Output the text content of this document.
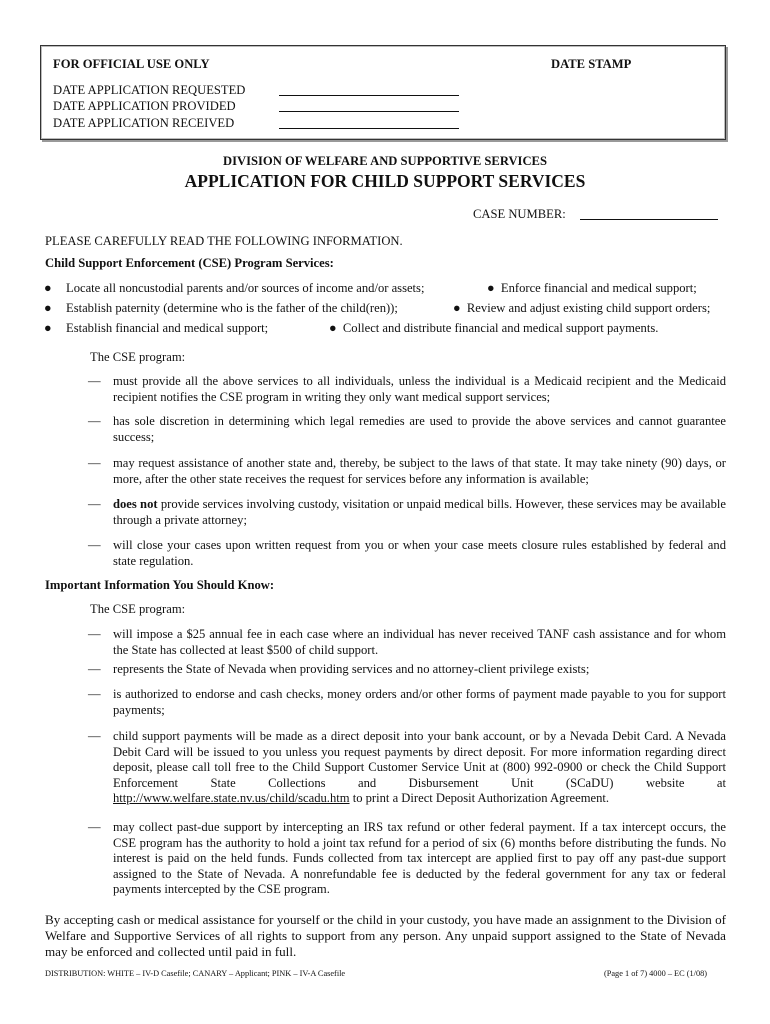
FOR OFFICIAL USE ONLY	DATE STAMP
DATE APPLICATION REQUESTED
DATE APPLICATION PROVIDED
DATE APPLICATION RECEIVED
DIVISION OF WELFARE AND SUPPORTIVE SERVICES
APPLICATION FOR CHILD SUPPORT SERVICES
CASE NUMBER:
PLEASE CAREFULLY READ THE FOLLOWING INFORMATION.
Child Support Enforcement (CSE) Program Services:
● Locate all noncustodial parents and/or sources of income and/or assets;	● Enforce financial and medical support;
● Establish paternity (determine who is the father of the child(ren));	● Review and adjust existing child support orders;
● Establish financial and medical support;	● Collect and distribute financial and medical support payments.
The CSE program:
— must provide all the above services to all individuals, unless the individual is a Medicaid recipient and the Medicaid recipient notifies the CSE program in writing they only want medical support services;
— has sole discretion in determining which legal remedies are used to provide the above services and cannot guarantee success;
— may request assistance of another state and, thereby, be subject to the laws of that state. It may take ninety (90) days, or more, after the other state receives the request for services before any information is available;
— does not provide services involving custody, visitation or unpaid medical bills. However, these services may be available through a private attorney;
— will close your cases upon written request from you or when your case meets closure rules established by federal and state regulation.
Important Information You Should Know:
The CSE program:
— will impose a $25 annual fee in each case where an individual has never received TANF cash assistance and for whom the State has collected at least $500 of child support.
— represents the State of Nevada when providing services and no attorney-client privilege exists;
— is authorized to endorse and cash checks, money orders and/or other forms of payment made payable to you for support payments;
— child support payments will be made as a direct deposit into your bank account, or by a Nevada Debit Card. A Nevada Debit Card will be issued to you unless you request payments by direct deposit. For more information regarding direct deposit, please call toll free to the Child Support Customer Service Unit at (800) 992-0900 or check the Child Support Enforcement State Collections and Disbursement Unit (SCaDU) website at http://www.welfare.state.nv.us/child/scadu.htm to print a Direct Deposit Authorization Agreement.
— may collect past-due support by intercepting an IRS tax refund or other federal payment. If a tax intercept occurs, the CSE program has the authority to hold a joint tax refund for a period of six (6) months before distributing the funds. No interest is paid on the held funds. Funds collected from tax intercept are applied first to pay off any past-due support assigned to the State of Nevada. A nonrefundable fee is deducted by the federal government for any tax or federal payments intercepted by the CSE program.
By accepting cash or medical assistance for yourself or the child in your custody, you have made an assignment to the Division of Welfare and Supportive Services of all rights to support from any person. Any unpaid support assigned to the State of Nevada may be enforced and collected until paid in full.
DISTRIBUTION: WHITE – IV-D Casefile; CANARY – Applicant; PINK – IV-A Casefile	(Page 1 of 7) 4000 – EC (1/08)
